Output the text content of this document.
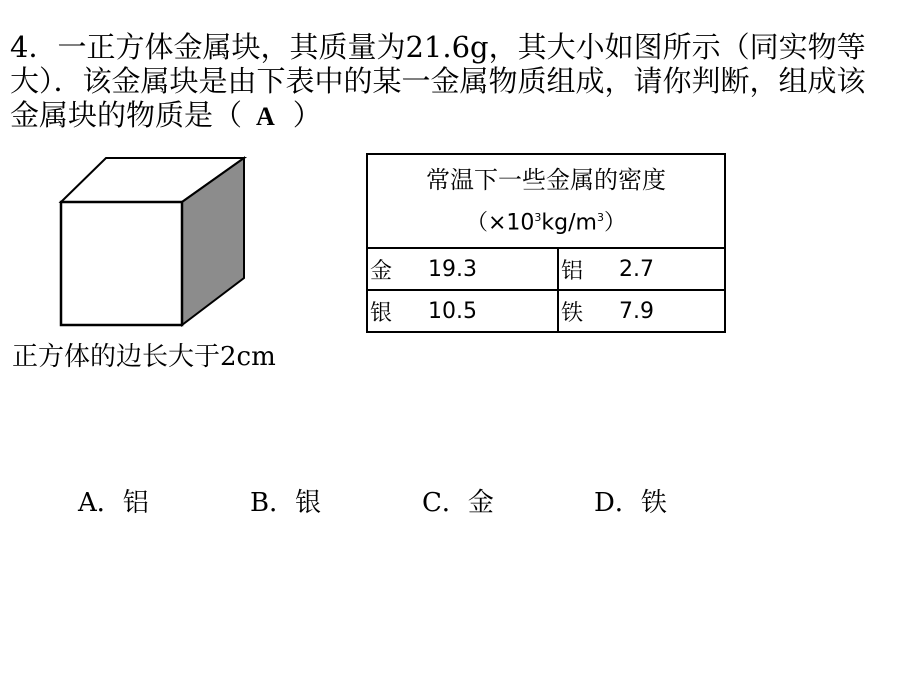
4．一正方体金属块，其质量为21.6g，其大小如图所示（同实物等大）．该金属块是由下表中的某一金属物质组成，请你判断，组成该金属块的物质是（ A ）
正方体的边长大于2cm
常温下一些金属的密度
$(\times 10^3kg/m^3)$	

金 19.3	铝 2.7

银 10.5	铁 7.9
A．铝	B．银	C．金	D．铁
